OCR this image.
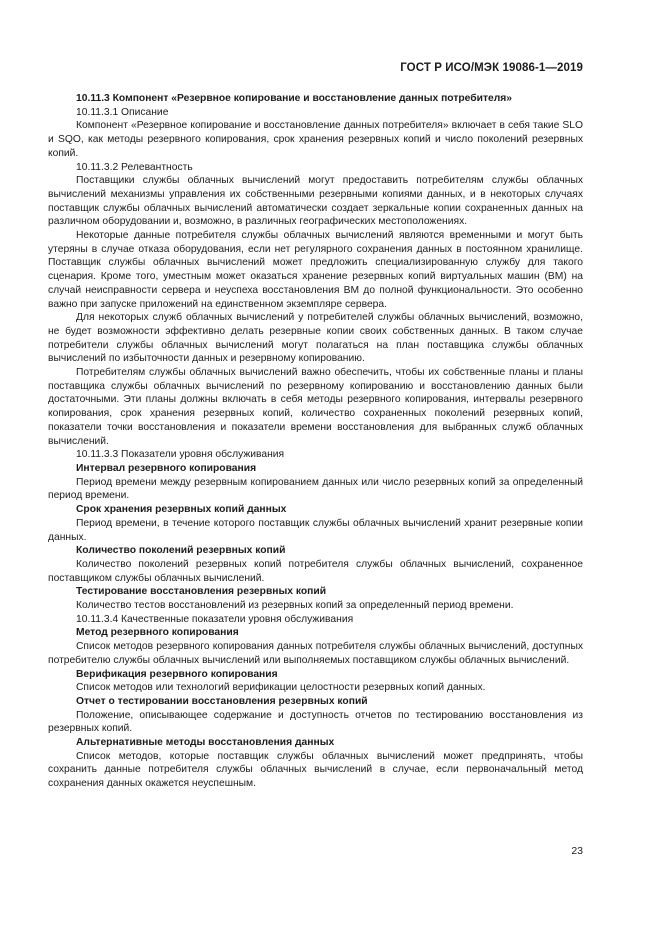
ГОСТ Р ИСО/МЭК 19086-1—2019

10.11.3 Компонент «Резервное копирование и восстановление данных потребителя»

10.11.3.1 Описание

Компонент «Резервное копирование и восстановление данных потребителя» включает в себя такие SLO и SQO, как методы резервного копирования, срок хранения резервных копий и число поколений резервных копий.

10.11.3.2 Релевантность

Поставщики службы облачных вычислений могут предоставить потребителям службы облачных вычислений механизмы управления их собственными резервными копиями данных, и в некоторых случаях поставщик службы облачных вычислений автоматически создает зеркальные копии сохраненных данных на различном оборудовании и, возможно, в различных географических местоположениях.

Некоторые данные потребителя службы облачных вычислений являются временными и могут быть утеряны в случае отказа оборудования, если нет регулярного сохранения данных в постоянном хранилище. Поставщик службы облачных вычислений может предложить специализированную службу для такого сценария. Кроме того, уместным может оказаться хранение резервных копий виртуальных машин (ВМ) на случай неисправности сервера и неуспеха восстановления ВМ до полной функциональности. Это особенно важно при запуске приложений на единственном экземпляре сервера.

Для некоторых служб облачных вычислений у потребителей службы облачных вычислений, возможно, не будет возможности эффективно делать резервные копии своих собственных данных. В таком случае потребители службы облачных вычислений могут полагаться на план поставщика службы облачных вычислений по избыточности данных и резервному копированию.

Потребителям службы облачных вычислений важно обеспечить, чтобы их собственные планы и планы поставщика службы облачных вычислений по резервному копированию и восстановлению данных были достаточными. Эти планы должны включать в себя методы резервного копирования, интервалы резервного копирования, срок хранения резервных копий, количество сохраненных поколений резервных копий, показатели точки восстановления и показатели времени восстановления для выбранных служб облачных вычислений.

10.11.3.3 Показатели уровня обслуживания

Интервал резервного копирования

Период времени между резервным копированием данных или число резервных копий за определенный период времени.

Срок хранения резервных копий данных

Период времени, в течение которого поставщик службы облачных вычислений хранит резервные копии данных.

Количество поколений резервных копий

Количество поколений резервных копий потребителя службы облачных вычислений, сохраненное поставщиком службы облачных вычислений.

Тестирование восстановления резервных копий

Количество тестов восстановлений из резервных копий за определенный период времени.

10.11.3.4 Качественные показатели уровня обслуживания

Метод резервного копирования

Список методов резервного копирования данных потребителя службы облачных вычислений, доступных потребителю службы облачных вычислений или выполняемых поставщиком службы облачных вычислений.

Верификация резервного копирования

Список методов или технологий верификации целостности резервных копий данных.

Отчет о тестировании восстановления резервных копий

Положение, описывающее содержание и доступность отчетов по тестированию восстановления из резервных копий.

Альтернативные методы восстановления данных

Список методов, которые поставщик службы облачных вычислений может предпринять, чтобы сохранить данные потребителя службы облачных вычислений в случае, если первоначальный метод сохранения данных окажется неуспешным.

23
